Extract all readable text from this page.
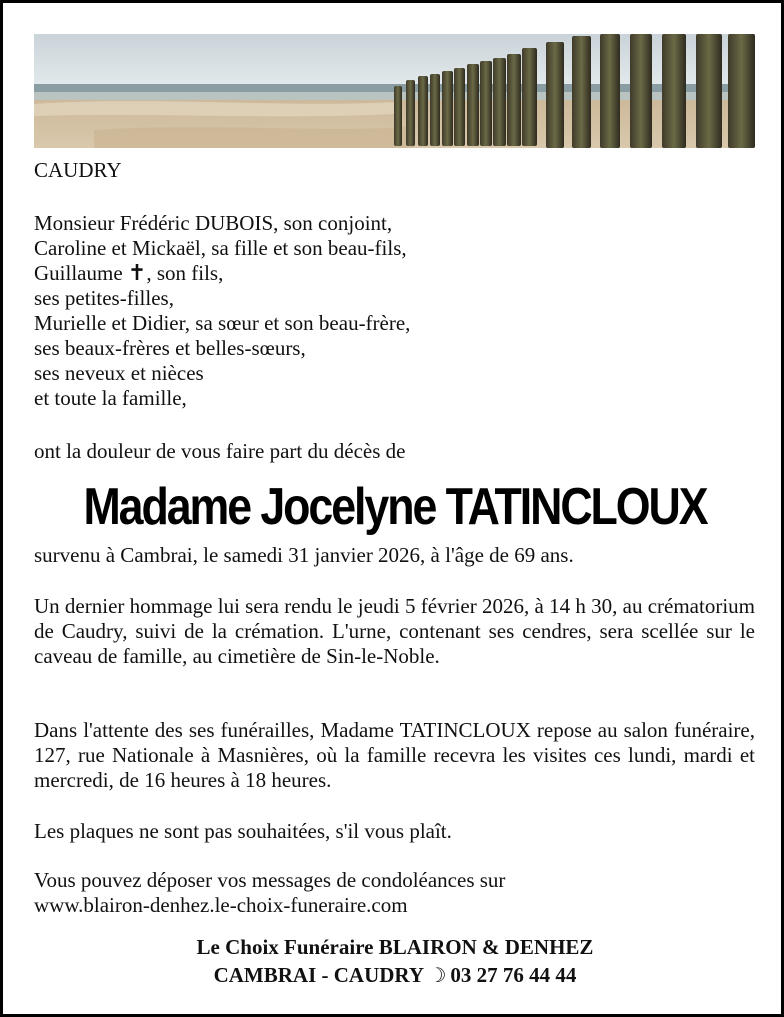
CAUDRY

Monsieur Frédéric DUBOIS, son conjoint,
Caroline et Mickaël, sa fille et son beau-fils,
Guillaume ✝, son fils,
ses petites-filles,
Murielle et Didier, sa sœur et son beau-frère,
ses beaux-frères et belles-sœurs,
ses neveux et nièces
et toute la famille,

ont la douleur de vous faire part du décès de

Madame Jocelyne TATINCLOUX

survenu à Cambrai, le samedi 31 janvier 2026, à l'âge de 69 ans.

Un dernier hommage lui sera rendu le jeudi 5 février 2026, à 14 h 30, au crématorium de Caudry, suivi de la crémation. L'urne, contenant ses cendres, sera scellée sur le caveau de famille, au cimetière de Sin-le-Noble.

Dans l'attente des ses funérailles, Madame TATINCLOUX repose au salon funéraire, 127, rue Nationale à Masnières, où la famille recevra les visites ces lundi, mardi et mercredi, de 16 heures à 18 heures.

Les plaques ne sont pas souhaitées, s'il vous plaît.

Vous pouvez déposer vos messages de condoléances sur
www.blairon-denhez.le-choix-funeraire.com
Le Choix Funéraire BLAIRON & DENHEZ
CAMBRAI - CAUDRY ☽ 03 27 76 44 44
